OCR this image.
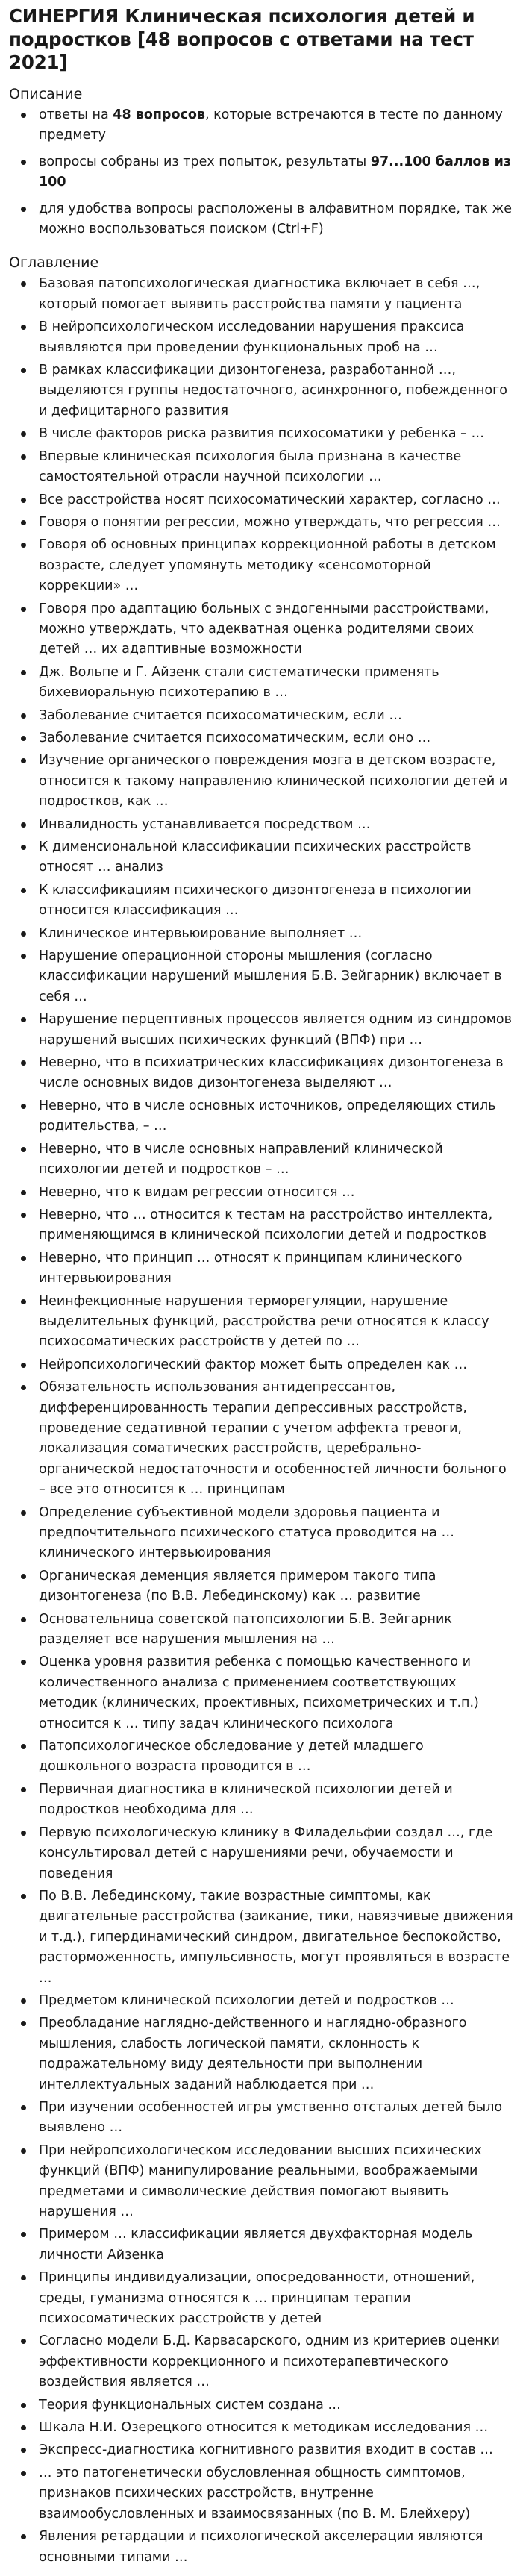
СИНЕРГИЯ Клиническая психология детей и подростков [48 вопросов с ответами на тест 2021]
Описание
ответы на 48 вопросов, которые встречаются в тесте по данному предмету
вопросы собраны из трех попыток, результаты 97...100 баллов из 100
для удобства вопросы расположены в алфавитном порядке, так же можно воспользоваться поиском (Ctrl+F)
Оглавление
Базовая патопсихологическая диагностика включает в себя …, который помогает выявить расстройства памяти у пациента
В нейропсихологическом исследовании нарушения праксиса выявляются при проведении функциональных проб на …
В рамках классификации дизонтогенеза, разработанной …, выделяются группы недостаточного, асинхронного, побежденного и дефицитарного развития
В числе факторов риска развития психосоматики у ребенка – …
Впервые клиническая психология была признана в качестве самостоятельной отрасли научной психологии …
Все расстройства носят психосоматический характер, согласно …
Говоря о понятии регрессии, можно утверждать, что регрессия …
Говоря об основных принципах коррекционной работы в детском возрасте, следует упомянуть методику «сенсомоторной коррекции» …
Говоря про адаптацию больных с эндогенными расстройствами, можно утверждать, что адекватная оценка родителями своих детей … их адаптивные возможности
Дж. Вольпе и Г. Айзенк стали систематически применять бихевиоральную психотерапию в …
Заболевание считается психосоматическим, если …
Заболевание считается психосоматическим, если оно …
Изучение органического повреждения мозга в детском возрасте, относится к такому направлению клинической психологии детей и подростков, как …
Инвалидность устанавливается посредством …
К дименсиональной классификации психических расстройств относят … анализ
К классификациям психического дизонтогенеза в психологии относится классификация …
Клиническое интервьюирование выполняет …
Нарушение операционной стороны мышления (согласно классификации нарушений мышления Б.В. Зейгарник) включает в себя …
Нарушение перцептивных процессов является одним из синдромов нарушений высших психических функций (ВПФ) при …
Неверно, что в психиатрических классификациях дизонтогенеза в числе основных видов дизонтогенеза выделяют …
Неверно, что в числе основных источников, определяющих стиль родительства, – …
Неверно, что в числе основных направлений клинической психологии детей и подростков – …
Неверно, что к видам регрессии относится …
Неверно, что … относится к тестам на расстройство интеллекта, применяющимся в клинической психологии детей и подростков
Неверно, что принцип … относят к принципам клинического интервьюирования
Неинфекционные нарушения терморегуляции, нарушение выделительных функций, расстройства речи относятся к классу психосоматических расстройств у детей по …
Нейропсихологический фактор может быть определен как …
Обязательность использования антидепрессантов, дифференцированность терапии депрессивных расстройств, проведение седативной терапии с учетом аффекта тревоги, локализация соматических расстройств, церебрально-органической недостаточности и особенностей личности больного – все это относится к … принципам
Определение субъективной модели здоровья пациента и предпочтительного психического статуса проводится на … клинического интервьюирования
Органическая деменция является примером такого типа дизонтогенеза (по В.В. Лебединскому) как … развитие
Основательница советской патопсихологии Б.В. Зейгарник разделяет все нарушения мышления на …
Оценка уровня развития ребенка с помощью качественного и количественного анализа с применением соответствующих методик (клинических, проективных, психометрических и т.п.) относится к … типу задач клинического психолога
Патопсихологическое обследование у детей младшего дошкольного возраста проводится в …
Первичная диагностика в клинической психологии детей и подростков необходима для …
Первую психологическую клинику в Филадельфии создал …, где консультировал детей с нарушениями речи, обучаемости и поведения
По В.В. Лебединскому, такие возрастные симптомы, как двигательные расстройства (заикание, тики, навязчивые движения и т.д.), гипердинамический синдром, двигательное беспокойство, расторможенность, импульсивность, могут проявляться в возрасте …
Предметом клинической психологии детей и подростков …
Преобладание наглядно-действенного и наглядно-образного мышления, слабость логической памяти, склонность к подражательному виду деятельности при выполнении интеллектуальных заданий наблюдается при …
При изучении особенностей игры умственно отсталых детей было выявлено …
При нейропсихологическом исследовании высших психических функций (ВПФ) манипулирование реальными, воображаемыми предметами и символические действия помогают выявить нарушения …
Примером … классификации является двухфакторная модель личности Айзенка
Принципы индивидуализации, опосредованности, отношений, среды, гуманизма относятся к … принципам терапии психосоматических расстройств у детей
Согласно модели Б.Д. Карвасарского, одним из критериев оценки эффективности коррекционного и психотерапевтического воздействия является …
Теория функциональных систем создана …
Шкала Н.И. Озерецкого относится к методикам исследования …
Экспресс-диагностика когнитивного развития входит в состав …
… это патогенетически обусловленная общность симптомов, признаков психических расстройств, внутренне взаимообусловленных и взаимосвязанных (по В. М. Блейхеру)
Явления ретардации и психологической акселерации являются основными типами …
